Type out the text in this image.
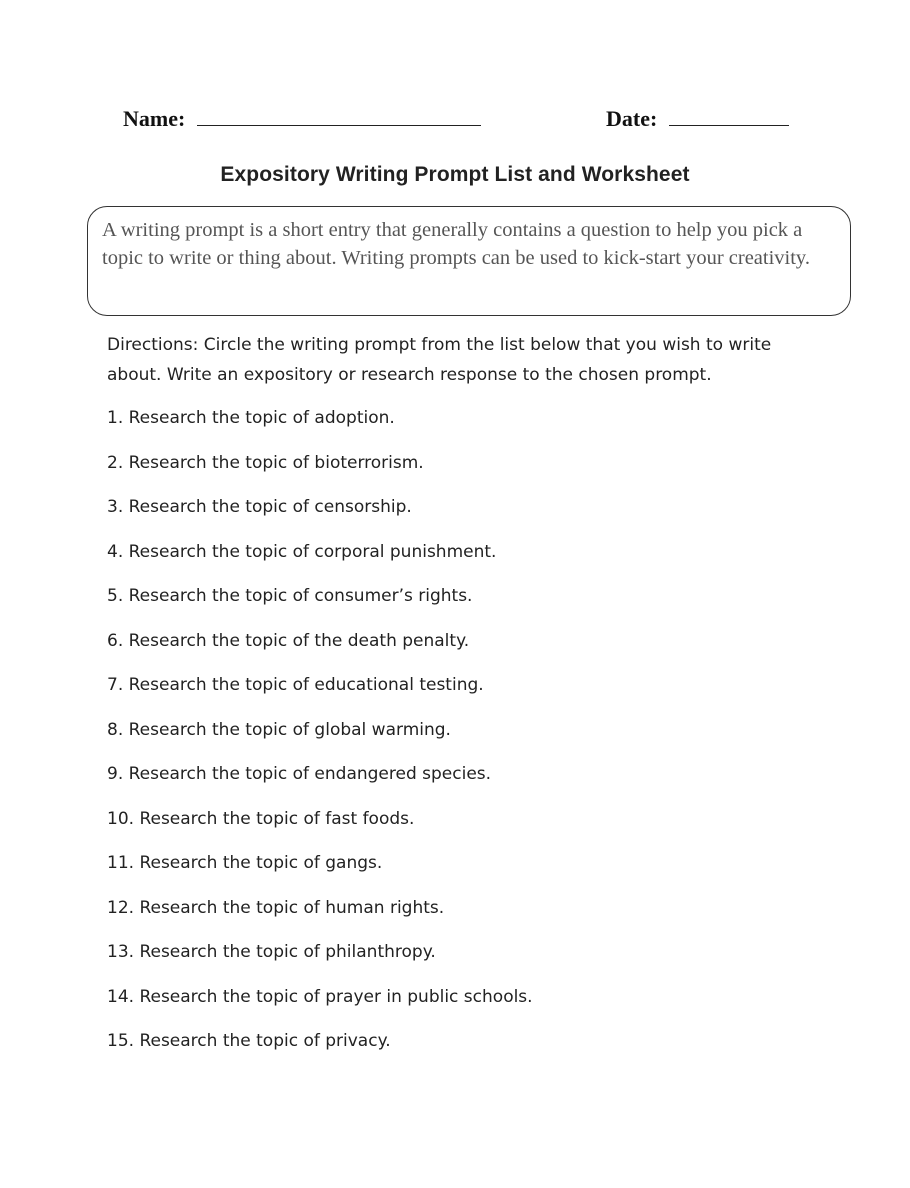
Name:	Date:
Expository Writing Prompt List and Worksheet
A writing prompt is a short entry that generally contains a question to help you pick a topic to write or thing about. Writing prompts can be used to kick-start your creativity.
Directions: Circle the writing prompt from the list below that you wish to write about. Write an expository or research response to the chosen prompt.
1. Research the topic of adoption.
2. Research the topic of bioterrorism.
3. Research the topic of censorship.
4. Research the topic of corporal punishment.
5. Research the topic of consumer’s rights.
6. Research the topic of the death penalty.
7. Research the topic of educational testing.
8. Research the topic of global warming.
9. Research the topic of endangered species.
10. Research the topic of fast foods.
11. Research the topic of gangs.
12. Research the topic of human rights.
13. Research the topic of philanthropy.
14. Research the topic of prayer in public schools.
15. Research the topic of privacy.
